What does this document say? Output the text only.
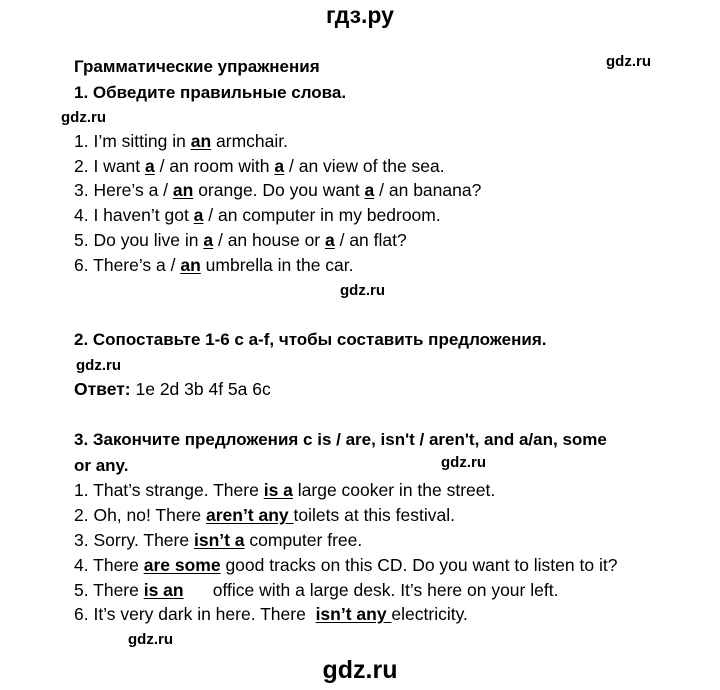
гдз.ру
Грамматические упражнения	gdz.ru
1. Обведите правильные слова.
gdz.ru
1. I’m sitting in an armchair.
2. I want a / an room with a / an view of the sea.
3. Here’s a / an orange. Do you want a / an banana?
4. I haven’t got a / an computer in my bedroom.
5. Do you live in a / an house or a / an flat?
6. There’s a / an umbrella in the car.
gdz.ru
2. Сопоставьте 1-6 с a-f, чтобы составить предложения.
gdz.ru
Ответ: 1e 2d 3b 4f 5a 6c
3. Закончите предложения с is / are, isn't / aren't, and a/an, some
or any.	gdz.ru
1. That’s strange. There is a large cooker in the street.
2. Oh, no! There aren’t any toilets at this festival.
3. Sorry. There isn’t a computer free.
4. There are some good tracks on this CD. Do you want to listen to it?
5. There is an      office with a large desk. It’s here on your left.
6. It’s very dark in here. There  isn’t any electricity.
gdz.ru
gdz.ru
